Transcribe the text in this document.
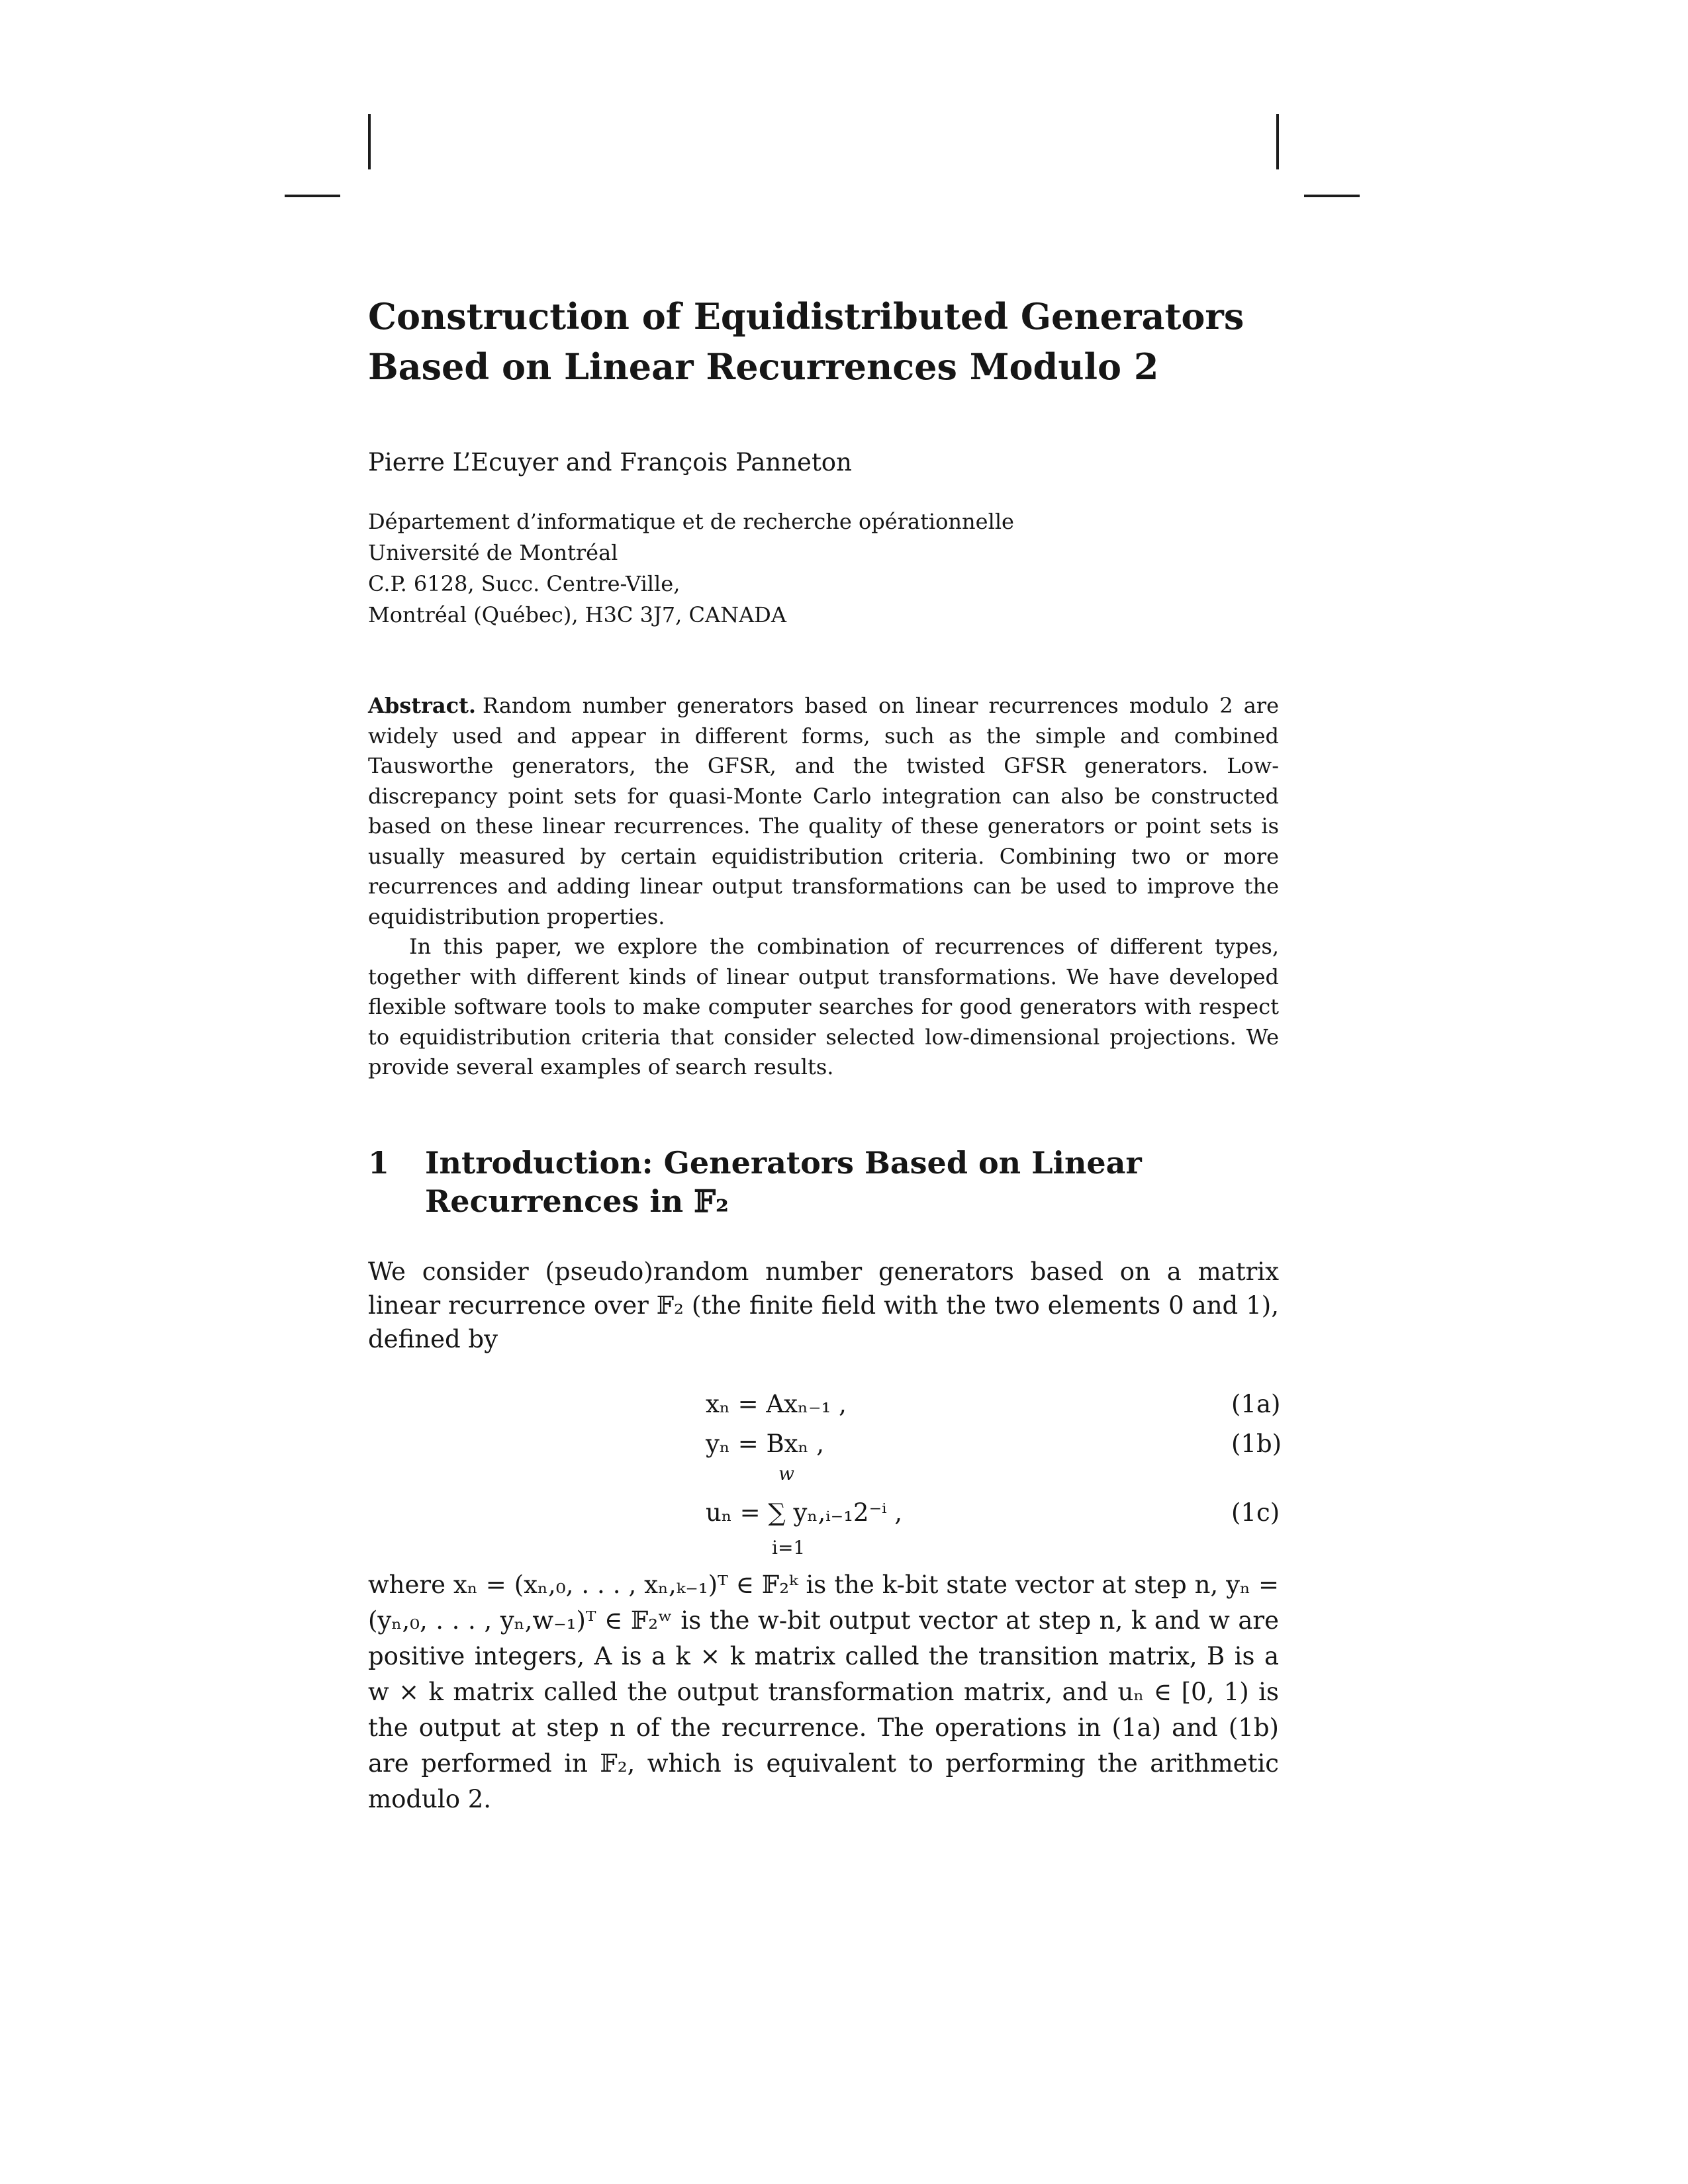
Construction of Equidistributed Generators
Based on Linear Recurrences Modulo 2
Pierre L’Ecuyer and François Panneton
Département d’informatique et de recherche opérationnelle
Université de Montréal
C.P. 6128, Succ. Centre-Ville,
Montréal (Québec), H3C 3J7, CANADA

Abstract. Random number generators based on linear recurrences modulo 2 are widely used and appear in different forms, such as the simple and combined Tausworthe generators, the GFSR, and the twisted GFSR generators. Low-discrepancy point sets for quasi-Monte Carlo integration can also be constructed based on these linear recurrences. The quality of these generators or point sets is usually measured by certain equidistribution criteria. Combining two or more recurrences and adding linear output transformations can be used to improve the equidistribution properties.

In this paper, we explore the combination of recurrences of different types, together with different kinds of linear output transformations. We have developed flexible software tools to make computer searches for good generators with respect to equidistribution criteria that consider selected low-dimensional projections. We provide several examples of search results.

1	Introduction: Generators Based on Linear
Recurrences in 𝔽₂

We consider (pseudo)random number generators based on a matrix linear recurrence over 𝔽₂ (the finite field with the two elements 0 and 1), defined by

xₙ = Axₙ₋₁ ,	(1a)
yₙ = Bxₙ ,	(1b)
w
uₙ = ∑ yₙ,ᵢ₋₁2⁻ⁱ ,
i=1
(1c)

where xₙ = (xₙ,₀, . . . , xₙ,ₖ₋₁)ᵀ ∈ 𝔽₂ᵏ is the k-bit state vector at step n, yₙ = (yₙ,₀, . . . , yₙ,w₋₁)ᵀ ∈ 𝔽₂ʷ is the w-bit output vector at step n, k and w are positive integers, A is a k × k matrix called the transition matrix, B is a w × k matrix called the output transformation matrix, and uₙ ∈ [0, 1) is the output at step n of the recurrence. The operations in (1a) and (1b) are performed in 𝔽₂, which is equivalent to performing the arithmetic modulo 2.
